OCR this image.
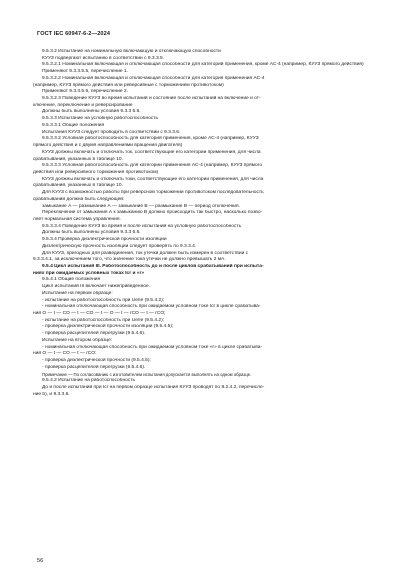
ГОСТ IEC 60947-6-2—2024
9.5.3.2 Испытание на номинальную включающую и отключающую способности
КУУЗ подвергают испытанию в соответствии с 9.3.3.5.
9.5.3.2.1 Номинальная включающая и отключающая способности для категорий применения, кроме АС-4 (например, КУУЗ прямого действия)
Применяют 9.3.3.5.5, перечисление 1.
9.5.3.2.2 Номинальная включающая и отключающая способности для категория применения АС-4
(например, КУУЗ прямого действия или реверсивные с торможением противотоком)
Применяют 9.3.3.5.5, перечисление 2.
9.5.3.2.3 Поведение КУУЗ во время испытаний и состояние после испытаний на включение и от-
ключение, переключение и реверсирование
Должны быть выполнены условия 9.3.3 5.6.
9.5.3.3 Испытание на условную работоспособность
9.5.3.3.1 Общие положения
Испытания КУУЗ следует проводить в соответствии с 9.3.3.6.
9.5.3.3.2 Условная работоспособность для категорий применения, кроме АС-4 (например, КУУЗ
прямого действия и с двумя направлениями вращения двигателя)
КУУЗ должны включать и отключать ток, соответствующие его категории применения, для числа
срабатываний, указанных в таблице 10.
9.5.3.3.3 Условная работоспособность для категории применения АС-4 (например, КУУЗ прямого
действия или реверсивного торможения противотоком)
КУУЗ должны включать и отключать токи, соответствующие его категории применения, для числа
срабатываний, указанных в таблице 10.
Для КУУЗ с возможностью работы при реверсном торможении противотоком последовательность
срабатываний должна быть следующей:
замыкание А — размыкание А — замыкание В — размыкание В — период отключения.
Переключение от замыкания А к замыканию В должно происходить так быстро, насколько позво-
ляет нормальная система управления.
9.5.3.3.4 Поведение КУУЗ во время и после испытаний на условную работоспособность
Должны быть выполнены условия 9.3.3 6.6.
9.5.3.4 Проверка диэлектрической прочности изоляции
Диэлектрическую прочность изоляции следует проверять по 9.3.3.4.
Для КУУЗ, пригодных для развединения, ток утечки должен быть измерен в соответствии с
9.3.3.4.1, за исключением того, что значение тока утечки не должно превышать 2 мА.
9.5.4 Цикл испытаний III. Работоспособность до и после циклов срабатываний при испыта-
ниях при ожидаемых условных токах Icr и «r»
9.5.4.1 Общие положения
Цикл испытаний III включает нижеприведенное.
Испытание на первом образце:
- испытание на работоспособность при Ue/Ie (9.5.4.2);
- номинальная отключающая способность при ожидаемом условном токе Icr в цикле срабатыва-
ний О — t — СО — t — СО — t — О — t — rCO — t — rCO;
- испытание на работоспособность при Ue/Ie (9.5.4.2);
- проверка диэлектрической прочности изоляции (9.5.4.5);
- проверка расцепителей перегрузки (9.5.4.6).
Испытание на втором образце:
- номинальная отключающая способность при ожидаемом условном токе «r» в цикле срабатыва-
ний О — t — СО — t — rCO:
- проверка диэлектрической прочности (9.5.4.5);
- проверка расцепителей перегрузки (9.5.4.6).
Примечание — По согласованию с изготовителем испытания допускается выполнять на одном образце.
9.5.4.2 Испытание на работоспособность
До и после испытаний при Icr на первом образце испытания КУУЗ проводят по 8.2.4.2, перечисле-
ние b), и 9.3.3.6.
56
